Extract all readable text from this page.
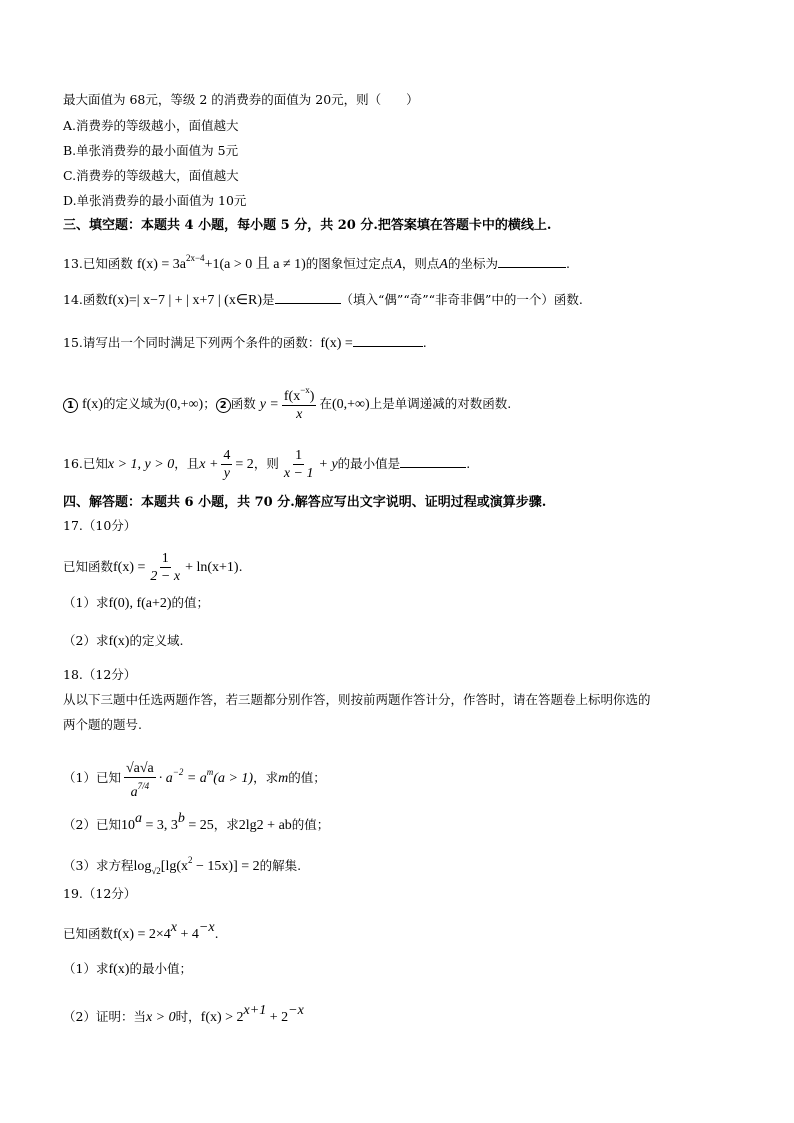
最大面值为 68元，等级 2 的消费券的面值为 20元，则（　　）
A.消费券的等级越小，面值越大
B.单张消费券的最小面值为 5元
C.消费券的等级越大，面值越大
D.单张消费券的最小面值为 10元
三、填空题：本题共 4 小题，每小题 5 分，共 20 分.把答案填在答题卡中的横线上.
13.已知函数 $f(x) = 3a^{2x-4}+1(a > 0$ 且 a ≠ 1)的图象恒过定点A，则点A的坐标为	.
14.函数f(x)=| x−7 | + | x+7 | (x∈R)是	（填入“偶”“奇”“非奇非偶”中的一个）函数.
15.请写出一个同时满足下列两个条件的函数：f(x) =	.
1 f(x)的定义域为(0,+∞)； 2 函数 $y = \frac{f(x^{-x})}{x}$ 在(0,+∞)上是单调递减的对数函数.
16.已知x > 1, y > 0，且$x + \frac{4}{y} = 2$，则 $\frac{1}{x - 1} + y$的最小值是	.
四、解答题：本题共 6 小题，共 70 分.解答应写出文字说明、证明过程或演算步骤.
17.（10分）
已知函数$f(x) = \frac{1}{2 - x} + \ln(x+1)$.
（1）求f(0), f(a+2)的值；
（2）求f(x)的定义域.
18.（12分）
从以下三题中任选两题作答，若三题都分别作答，则按前两题作答计分，作答时，请在答题卷上标明你选的
两个题的题号.
（1）已知 $\frac{√a√a}{a^{7/4}} \cdot a^{-2} = a^m(a > 1)$，求m的值；
（2）已知$10^a = 3$, $3^b = 25$，求2lg2 + ab的值；
（3）求方程$\log_{√2}[\lg(x^2 - 15x)] = 2$的解集.
19.（12分）
已知函数$f(x) = 2\times 4^x + 4^{-x}$.
（1）求f(x)的最小值；
（2）证明：当x > 0时，$f(x) > 2^{x+1} + 2^{-x}$
